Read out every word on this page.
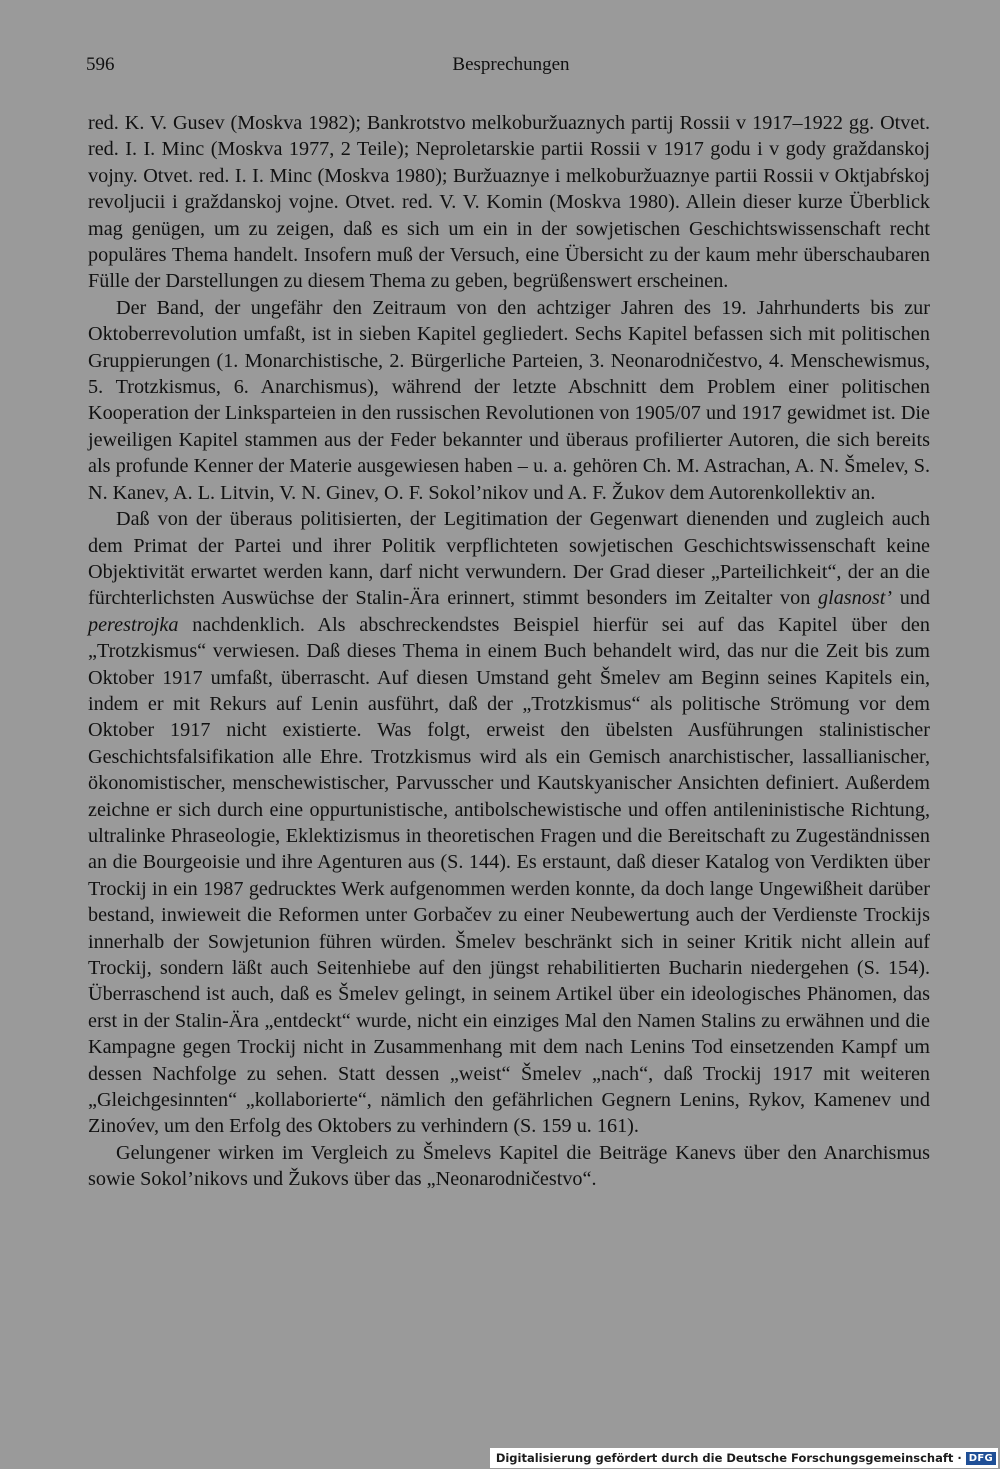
596	Besprechungen

red. K. V. Gusev (Moskva 1982); Bankrotstvo melkoburžuaznych partij Rossii v 1917–1922 gg. Otvet. red. I. I. Minc (Moskva 1977, 2 Teile); Neproletarskie partii Rossii v 1917 godu i v gody graždanskoj vojny. Otvet. red. I. I. Minc (Moskva 1980); Buržuaznye i melkoburžuaznye partii Rossii v Oktjabŕskoj revoljucii i graždanskoj vojne. Otvet. red. V. V. Komin (Moskva 1980). Allein dieser kurze Überblick mag genügen, um zu zeigen, daß es sich um ein in der sowjetischen Geschichtswissenschaft recht populäres Thema handelt. Insofern muß der Versuch, eine Übersicht zu der kaum mehr überschaubaren Fülle der Darstellungen zu diesem Thema zu geben, begrüßenswert erscheinen.

Der Band, der ungefähr den Zeitraum von den achtziger Jahren des 19. Jahrhunderts bis zur Oktoberrevolution umfaßt, ist in sieben Kapitel gegliedert. Sechs Kapitel befassen sich mit politischen Gruppierungen (1. Monarchistische, 2. Bürgerliche Parteien, 3. Neonarodničestvo, 4. Menschewismus, 5. Trotzkismus, 6. Anarchismus), während der letzte Abschnitt dem Problem einer politischen Kooperation der Linksparteien in den russischen Revolutionen von 1905/07 und 1917 gewidmet ist. Die jeweiligen Kapitel stammen aus der Feder bekannter und überaus profilierter Autoren, die sich bereits als profunde Kenner der Materie ausgewiesen haben – u. a. gehören Ch. M. Astrachan, A. N. Šmelev, S. N. Kanev, A. L. Litvin, V. N. Ginev, O. F. Sokol’nikov und A. F. Žukov dem Autorenkollektiv an.

Daß von der überaus politisierten, der Legitimation der Gegenwart dienenden und zugleich auch dem Primat der Partei und ihrer Politik verpflichteten sowjetischen Geschichtswissenschaft keine Objektivität erwartet werden kann, darf nicht verwundern. Der Grad dieser „Parteilichkeit“, der an die fürchterlichsten Auswüchse der Stalin-Ära erinnert, stimmt besonders im Zeitalter von glasnost’ und perestrojka nachdenklich. Als abschreckendstes Beispiel hierfür sei auf das Kapitel über den „Trotzkismus“ verwiesen. Daß dieses Thema in einem Buch behandelt wird, das nur die Zeit bis zum Oktober 1917 umfaßt, überrascht. Auf diesen Umstand geht Šmelev am Beginn seines Kapitels ein, indem er mit Rekurs auf Lenin ausführt, daß der „Trotzkismus“ als politische Strömung vor dem Oktober 1917 nicht existierte. Was folgt, erweist den übelsten Ausführungen stalinistischer Geschichtsfalsifikation alle Ehre. Trotzkismus wird als ein Gemisch anarchistischer, lassallianischer, ökonomistischer, menschewistischer, Parvusscher und Kautskyanischer Ansichten definiert. Außerdem zeichne er sich durch eine oppurtunistische, antibolschewistische und offen antileninistische Richtung, ultralinke Phraseologie, Eklektizismus in theoretischen Fragen und die Bereitschaft zu Zugeständnissen an die Bourgeoisie und ihre Agenturen aus (S. 144). Es erstaunt, daß dieser Katalog von Verdikten über Trockij in ein 1987 gedrucktes Werk aufgenommen werden konnte, da doch lange Ungewißheit darüber bestand, inwieweit die Reformen unter Gorbačev zu einer Neubewertung auch der Verdienste Trockijs innerhalb der Sowjetunion führen würden. Šmelev beschränkt sich in seiner Kritik nicht allein auf Trockij, sondern läßt auch Seitenhiebe auf den jüngst rehabilitierten Bucharin niedergehen (S. 154). Überraschend ist auch, daß es Šmelev gelingt, in seinem Artikel über ein ideologisches Phänomen, das erst in der Stalin-Ära „entdeckt“ wurde, nicht ein einziges Mal den Namen Stalins zu erwähnen und die Kampagne gegen Trockij nicht in Zusammenhang mit dem nach Lenins Tod einsetzenden Kampf um dessen Nachfolge zu sehen. Statt dessen „weist“ Šmelev „nach“, daß Trockij 1917 mit weiteren „Gleichgesinnten“ „kollaborierte“, nämlich den gefährlichen Gegnern Lenins, Rykov, Kamenev und Zinov́ev, um den Erfolg des Oktobers zu verhindern (S. 159 u. 161).

Gelungener wirken im Vergleich zu Šmelevs Kapitel die Beiträge Kanevs über den Anarchismus sowie Sokol’nikovs und Žukovs über das „Neonarodničestvo“.

Digitalisierung gefördert durch die Deutsche Forschungsgemeinschaft · DFG
